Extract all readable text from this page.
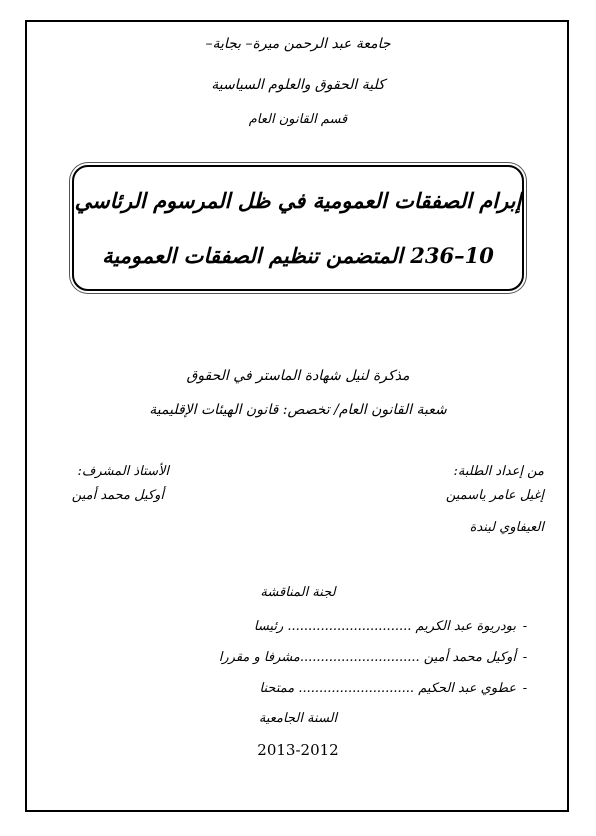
جامعة عبد الرحمن ميرة– بجاية–
كلية الحقوق والعلوم السياسية
قسم القانون العام
إبرام الصفقات العمومية في ظل المرسوم الرئاسي
10–236 المتضمن تنظيم الصفقات العمومية
مذكرة لنيل شهادة الماستر في الحقوق
شعبة القانون العام/ تخصص: قانون الهيئات الإقليمية
من إعداد الطلبة:
إغيل عامر ياسمين
العيفاوي ليندة
الأستاذ المشرف:
أوكيل محمد أمين
لجنة المناقشة
-بودريوة عبد الكريم .............................. رئيسا
-أوكيل محمد أمين .............................مشرفا و مقررا
-عطوي عبد الحكيم ............................ ممتحنا
السنة الجامعية
2013-2012
